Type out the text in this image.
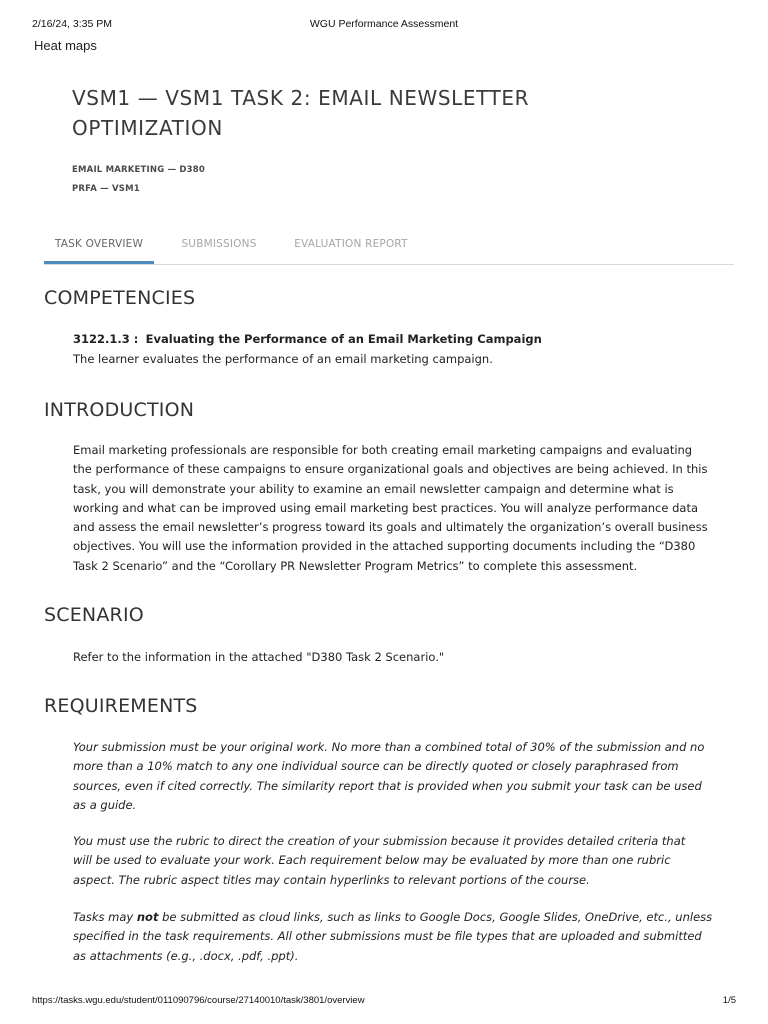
2/16/24, 3:35 PM	WGU Performance Assessment
Heat maps
VSM1 — VSM1 TASK 2: EMAIL NEWSLETTER
OPTIMIZATION
EMAIL MARKETING — D380
PRFA — VSM1
TASK OVERVIEW	SUBMISSIONS	EVALUATION REPORT
COMPETENCIES
3122.1.3 : Evaluating the Performance of an Email Marketing Campaign
The learner evaluates the performance of an email marketing campaign.
INTRODUCTION

Email marketing professionals are responsible for both creating email marketing campaigns and evaluating
the performance of these campaigns to ensure organizational goals and objectives are being achieved. In this
task, you will demonstrate your ability to examine an email newsletter campaign and determine what is
working and what can be improved using email marketing best practices. You will analyze performance data
and assess the email newsletter’s progress toward its goals and ultimately the organization’s overall business
objectives. You will use the information provided in the attached supporting documents including the “D380
Task 2 Scenario” and the “Corollary PR Newsletter Program Metrics” to complete this assessment.

SCENARIO

Refer to the information in the attached "D380 Task 2 Scenario."

REQUIREMENTS

Your submission must be your original work. No more than a combined total of 30% of the submission and no
more than a 10% match to any one individual source can be directly quoted or closely paraphrased from
sources, even if cited correctly. The similarity report that is provided when you submit your task can be used
as a guide.

You must use the rubric to direct the creation of your submission because it provides detailed criteria that
will be used to evaluate your work. Each requirement below may be evaluated by more than one rubric
aspect. The rubric aspect titles may contain hyperlinks to relevant portions of the course.

Tasks may not be submitted as cloud links, such as links to Google Docs, Google Slides, OneDrive, etc., unless
specified in the task requirements. All other submissions must be file types that are uploaded and submitted
as attachments (e.g., .docx, .pdf, .ppt).

https://tasks.wgu.edu/student/011090796/course/27140010/task/3801/overview	1/5
